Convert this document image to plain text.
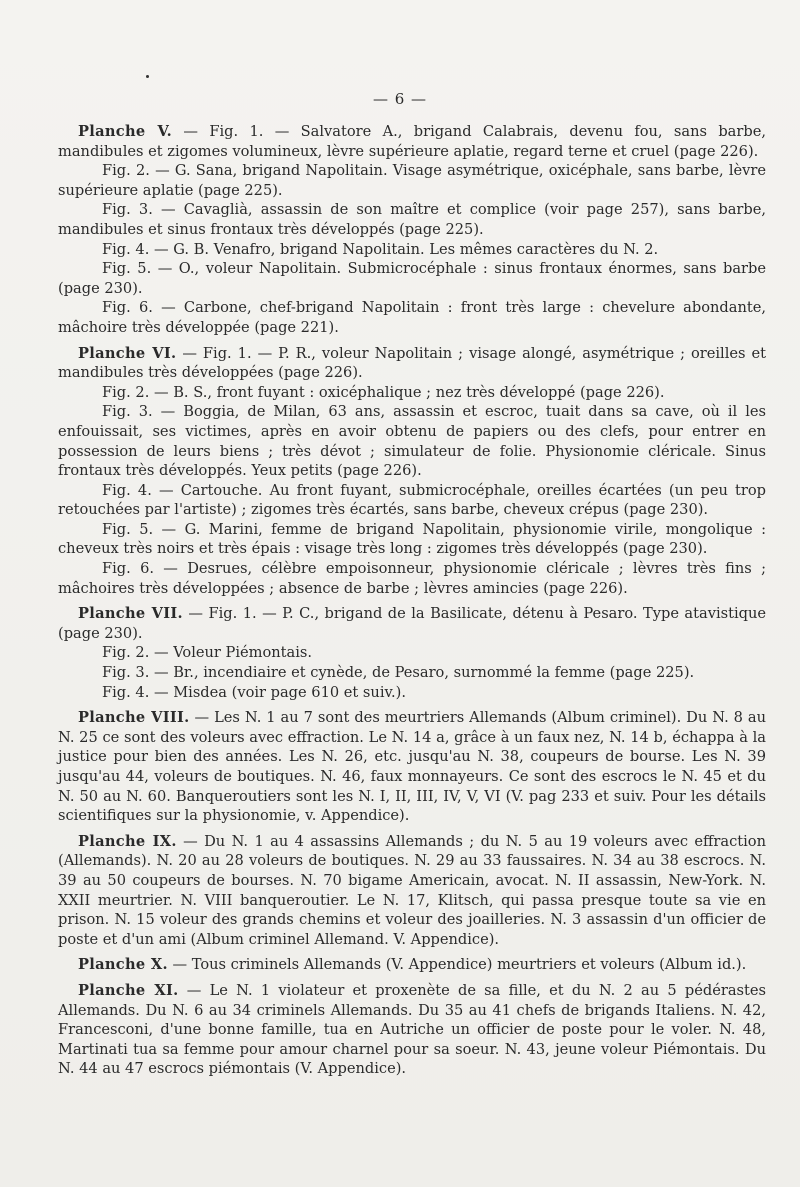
— 6 —

Planche V. — Fig. 1. — Salvatore A., brigand Calabrais, devenu fou, sans barbe, mandibules et zigomes volumineux, lèvre supérieure aplatie, regard terne et cruel (page 226).

Fig. 2. — G. Sana, brigand Napolitain. Visage asymétrique, oxicéphale, sans barbe, lèvre supérieure aplatie (page 225).

Fig. 3. — Cavaglià, assassin de son maître et complice (voir page 257), sans barbe, mandibules et sinus frontaux très développés (page 225).

Fig. 4. — G. B. Venafro, brigand Napolitain. Les mêmes caractères du N. 2.

Fig. 5. — O., voleur Napolitain. Submicrocéphale : sinus frontaux énormes, sans barbe (page 230).

Fig. 6. — Carbone, chef-brigand Napolitain : front très large : chevelure abondante, mâchoire très développée (page 221).

Planche VI. — Fig. 1. — P. R., voleur Napolitain ; visage alongé, asymétrique ; oreilles et mandibules très développées (page 226).

Fig. 2. — B. S., front fuyant : oxicéphalique ; nez très développé (page 226).

Fig. 3. — Boggia, de Milan, 63 ans, assassin et escroc, tuait dans sa cave, où il les enfouissait, ses victimes, après en avoir obtenu de papiers ou des clefs, pour entrer en possession de leurs biens ; très dévot ; simulateur de folie. Physionomie cléricale. Sinus frontaux très développés. Yeux petits (page 226).

Fig. 4. — Cartouche. Au front fuyant, submicrocéphale, oreilles écartées (un peu trop retouchées par l'artiste) ; zigomes très écartés, sans barbe, cheveux crépus (page 230).

Fig. 5. — G. Marini, femme de brigand Napolitain, physionomie virile, mongolique : cheveux très noirs et très épais : visage très long : zigomes très développés (page 230).

Fig. 6. — Desrues, célèbre empoisonneur, physionomie cléricale ; lèvres très fins ; mâchoires très développées ; absence de barbe ; lèvres amincies (page 226).

Planche VII. — Fig. 1. — P. C., brigand de la Basilicate, détenu à Pesaro. Type atavistique (page 230).

Fig. 2. — Voleur Piémontais.

Fig. 3. — Br., incendiaire et cynède, de Pesaro, surnommé la femme (page 225).

Fig. 4. — Misdea (voir page 610 et suiv.).

Planche VIII. — Les N. 1 au 7 sont des meurtriers Allemands (Album criminel). Du N. 8 au N. 25 ce sont des voleurs avec effraction. Le N. 14 a, grâce à un faux nez, N. 14 b, échappa à la justice pour bien des années. Les N. 26, etc. jusqu'au N. 38, coupeurs de bourse. Les N. 39 jusqu'au 44, voleurs de boutiques. N. 46, faux monnayeurs. Ce sont des escrocs le N. 45 et du N. 50 au N. 60. Banqueroutiers sont les N. I, II, III, IV, V, VI (V. pag 233 et suiv. Pour les détails scientifiques sur la physionomie, v. Appendice).

Planche IX. — Du N. 1 au 4 assassins Allemands ; du N. 5 au 19 voleurs avec effraction (Allemands). N. 20 au 28 voleurs de boutiques. N. 29 au 33 faussaires. N. 34 au 38 escrocs. N. 39 au 50 coupeurs de bourses. N. 70 bigame Americain, avocat. N. II assassin, New-York. N. XXII meurtrier. N. VIII banqueroutier. Le N. 17, Klitsch, qui passa presque toute sa vie en prison. N. 15 voleur des grands chemins et voleur des joailleries. N. 3 assassin d'un officier de poste et d'un ami (Album criminel Allemand. V. Appendice).

Planche X. — Tous criminels Allemands (V. Appendice) meurtriers et voleurs (Album id.).

Planche XI. — Le N. 1 violateur et proxenète de sa fille, et du N. 2 au 5 pédérastes Allemands. Du N. 6 au 34 criminels Allemands. Du 35 au 41 chefs de brigands Italiens. N. 42, Francesconi, d'une bonne famille, tua en Autriche un officier de poste pour le voler. N. 48, Martinati tua sa femme pour amour charnel pour sa soeur. N. 43, jeune voleur Piémontais. Du N. 44 au 47 escrocs piémontais (V. Appendice).
